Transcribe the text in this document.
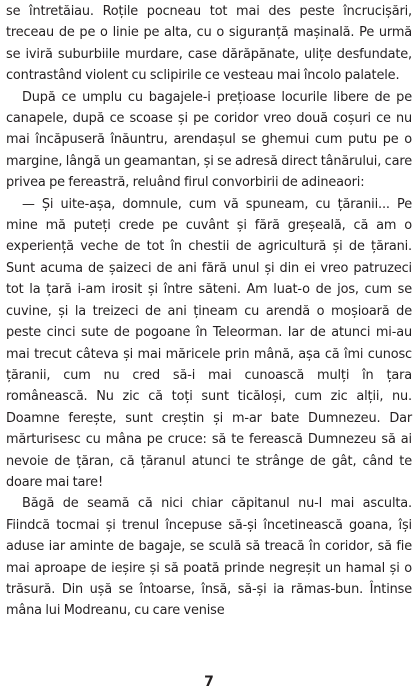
se întretăiau. Roțile pocneau tot mai des peste încrucișări, treceau de pe o linie pe alta, cu o siguranță mașinală. Pe urmă se iviră suburbiile murdare, case dărăpănate, ulițe desfundate, contrastând violent cu sclipirile ce vesteau mai încolo palatele.

După ce umplu cu bagajele-i prețioase locurile libere de pe canapele, după ce scoase și pe coridor vreo două coșuri ce nu mai încăpuseră înăuntru, arendașul se ghemui cum putu pe o margine, lângă un geamantan, și se adresă direct tânărului, care privea pe fereastră, reluând firul convorbirii de adineaori:

— Și uite-așa, domnule, cum vă spuneam, cu țăranii... Pe mine mă puteți crede pe cuvânt și fără greșeală, că am o experiență veche de tot în chestii de agricultură și de țărani. Sunt acuma de șaizeci de ani fără unul și din ei vreo patruzeci tot la țară i-am irosit și între săteni. Am luat-o de jos, cum se cuvine, și la treizeci de ani țineam cu arendă o moșioară de peste cinci sute de pogoane în Teleorman. Iar de atunci mi-au mai trecut câteva și mai măricele prin mână, așa că îmi cunosc țăranii, cum nu cred să-i mai cunoască mulți în țara românească. Nu zic că toți sunt ticăloși, cum zic alții, nu. Doamne ferește, sunt creștin și m-ar bate Dumnezeu. Dar mărturisesc cu mâna pe cruce: să te ferească Dumnezeu să ai nevoie de țăran, că țăranul atunci te strânge de gât, când te doare mai tare!

Băgă de seamă că nici chiar căpitanul nu-l mai asculta. Fiindcă tocmai și trenul începuse să-și încetinească goana, își aduse iar aminte de bagaje, se sculă să treacă în coridor, să fie mai aproape de ieșire și să poată prinde negreșit un hamal și o trăsură. Din ușă se întoarse, însă, să-și ia rămas-bun. Întinse mâna lui Modreanu, cu care venise

7
